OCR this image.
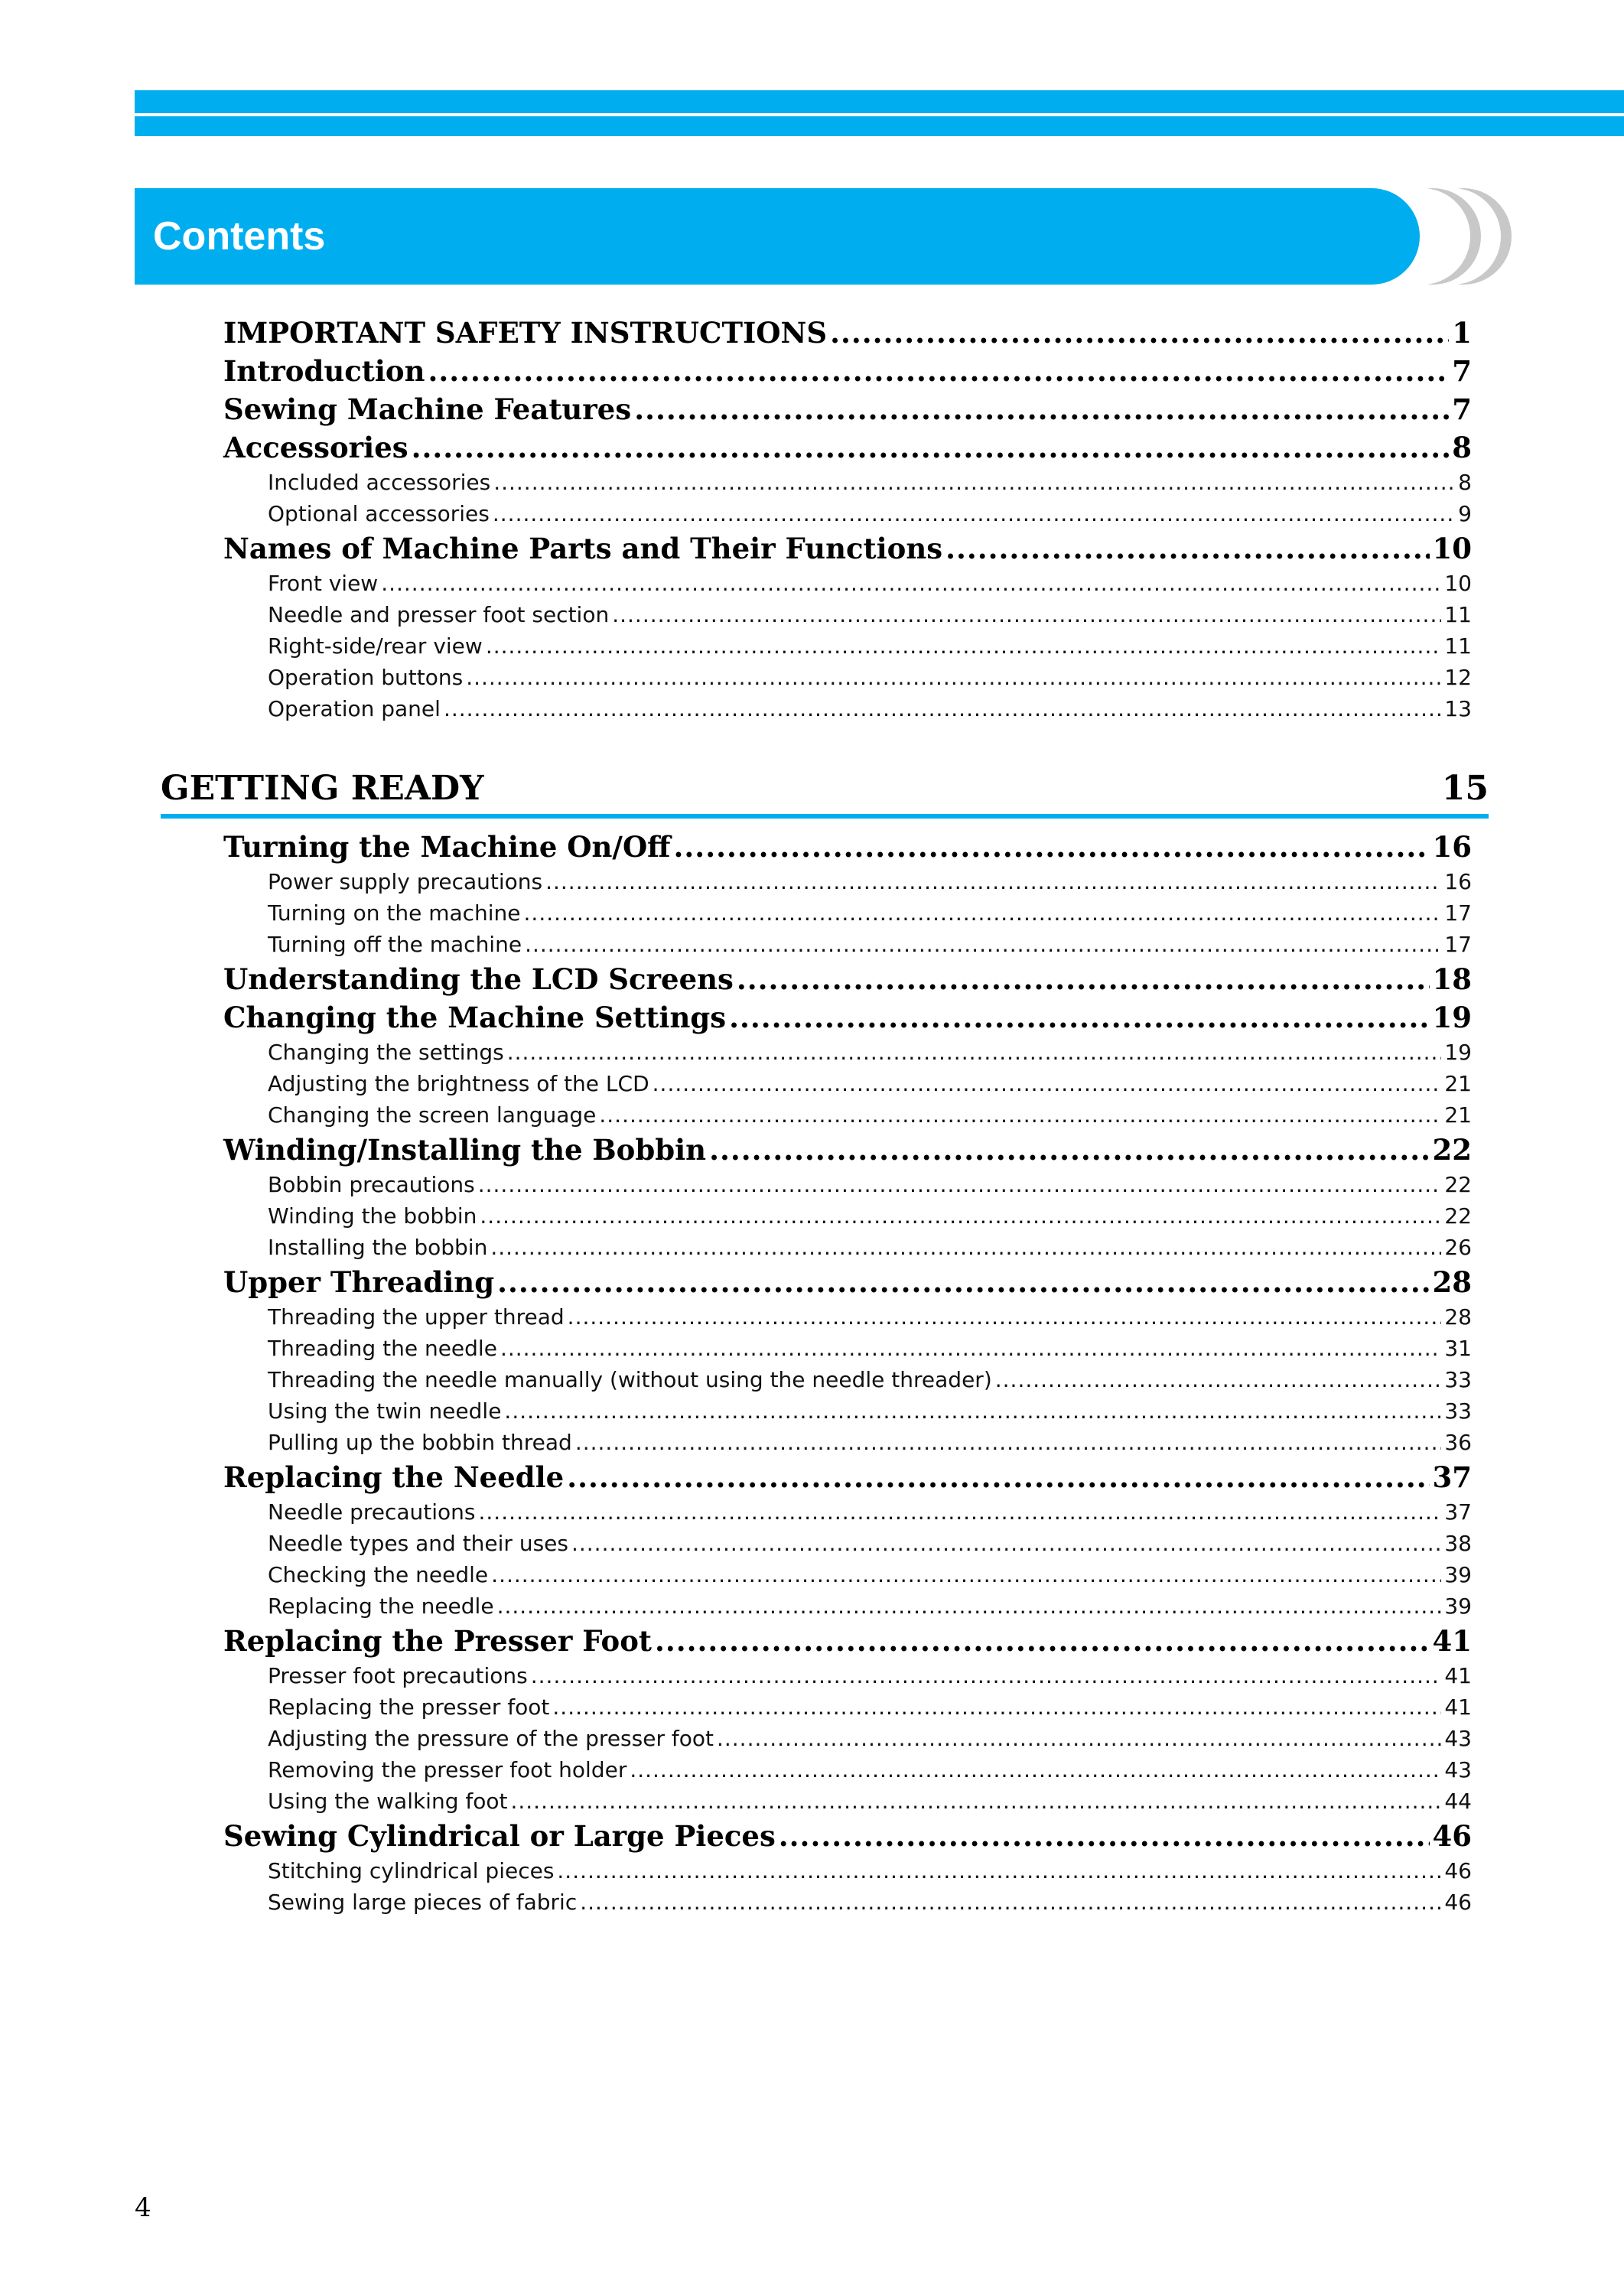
Contents
IMPORTANT SAFETY INSTRUCTIONS .....	1
Introduction .....	7
Sewing Machine Features .....	7
Accessories .....	8
Included accessories .....	8
Optional accessories .....	9
Names of Machine Parts and Their Functions .....	10
Front view .....	10
Needle and presser foot section .....	11
Right-side/rear view .....	11
Operation buttons .....	12
Operation panel .....	13
GETTING READY	15
Turning the Machine On/Off .....	16
Power supply precautions .....	16
Turning on the machine .....	17
Turning off the machine .....	17
Understanding the LCD Screens .....	18
Changing the Machine Settings .....	19
Changing the settings .....	19
Adjusting the brightness of the LCD .....	21
Changing the screen language .....	21
Winding/Installing the Bobbin .....	22
Bobbin precautions .....	22
Winding the bobbin .....	22
Installing the bobbin .....	26
Upper Threading .....	28
Threading the upper thread .....	28
Threading the needle .....	31
Threading the needle manually (without using the needle threader) .....	33
Using the twin needle .....	33
Pulling up the bobbin thread .....	36
Replacing the Needle .....	37
Needle precautions .....	37
Needle types and their uses .....	38
Checking the needle .....	39
Replacing the needle .....	39
Replacing the Presser Foot .....	41
Presser foot precautions .....	41
Replacing the presser foot .....	41
Adjusting the pressure of the presser foot .....	43
Removing the presser foot holder .....	43
Using the walking foot .....	44
Sewing Cylindrical or Large Pieces .....	46
Stitching cylindrical pieces .....	46
Sewing large pieces of fabric .....	46
4
